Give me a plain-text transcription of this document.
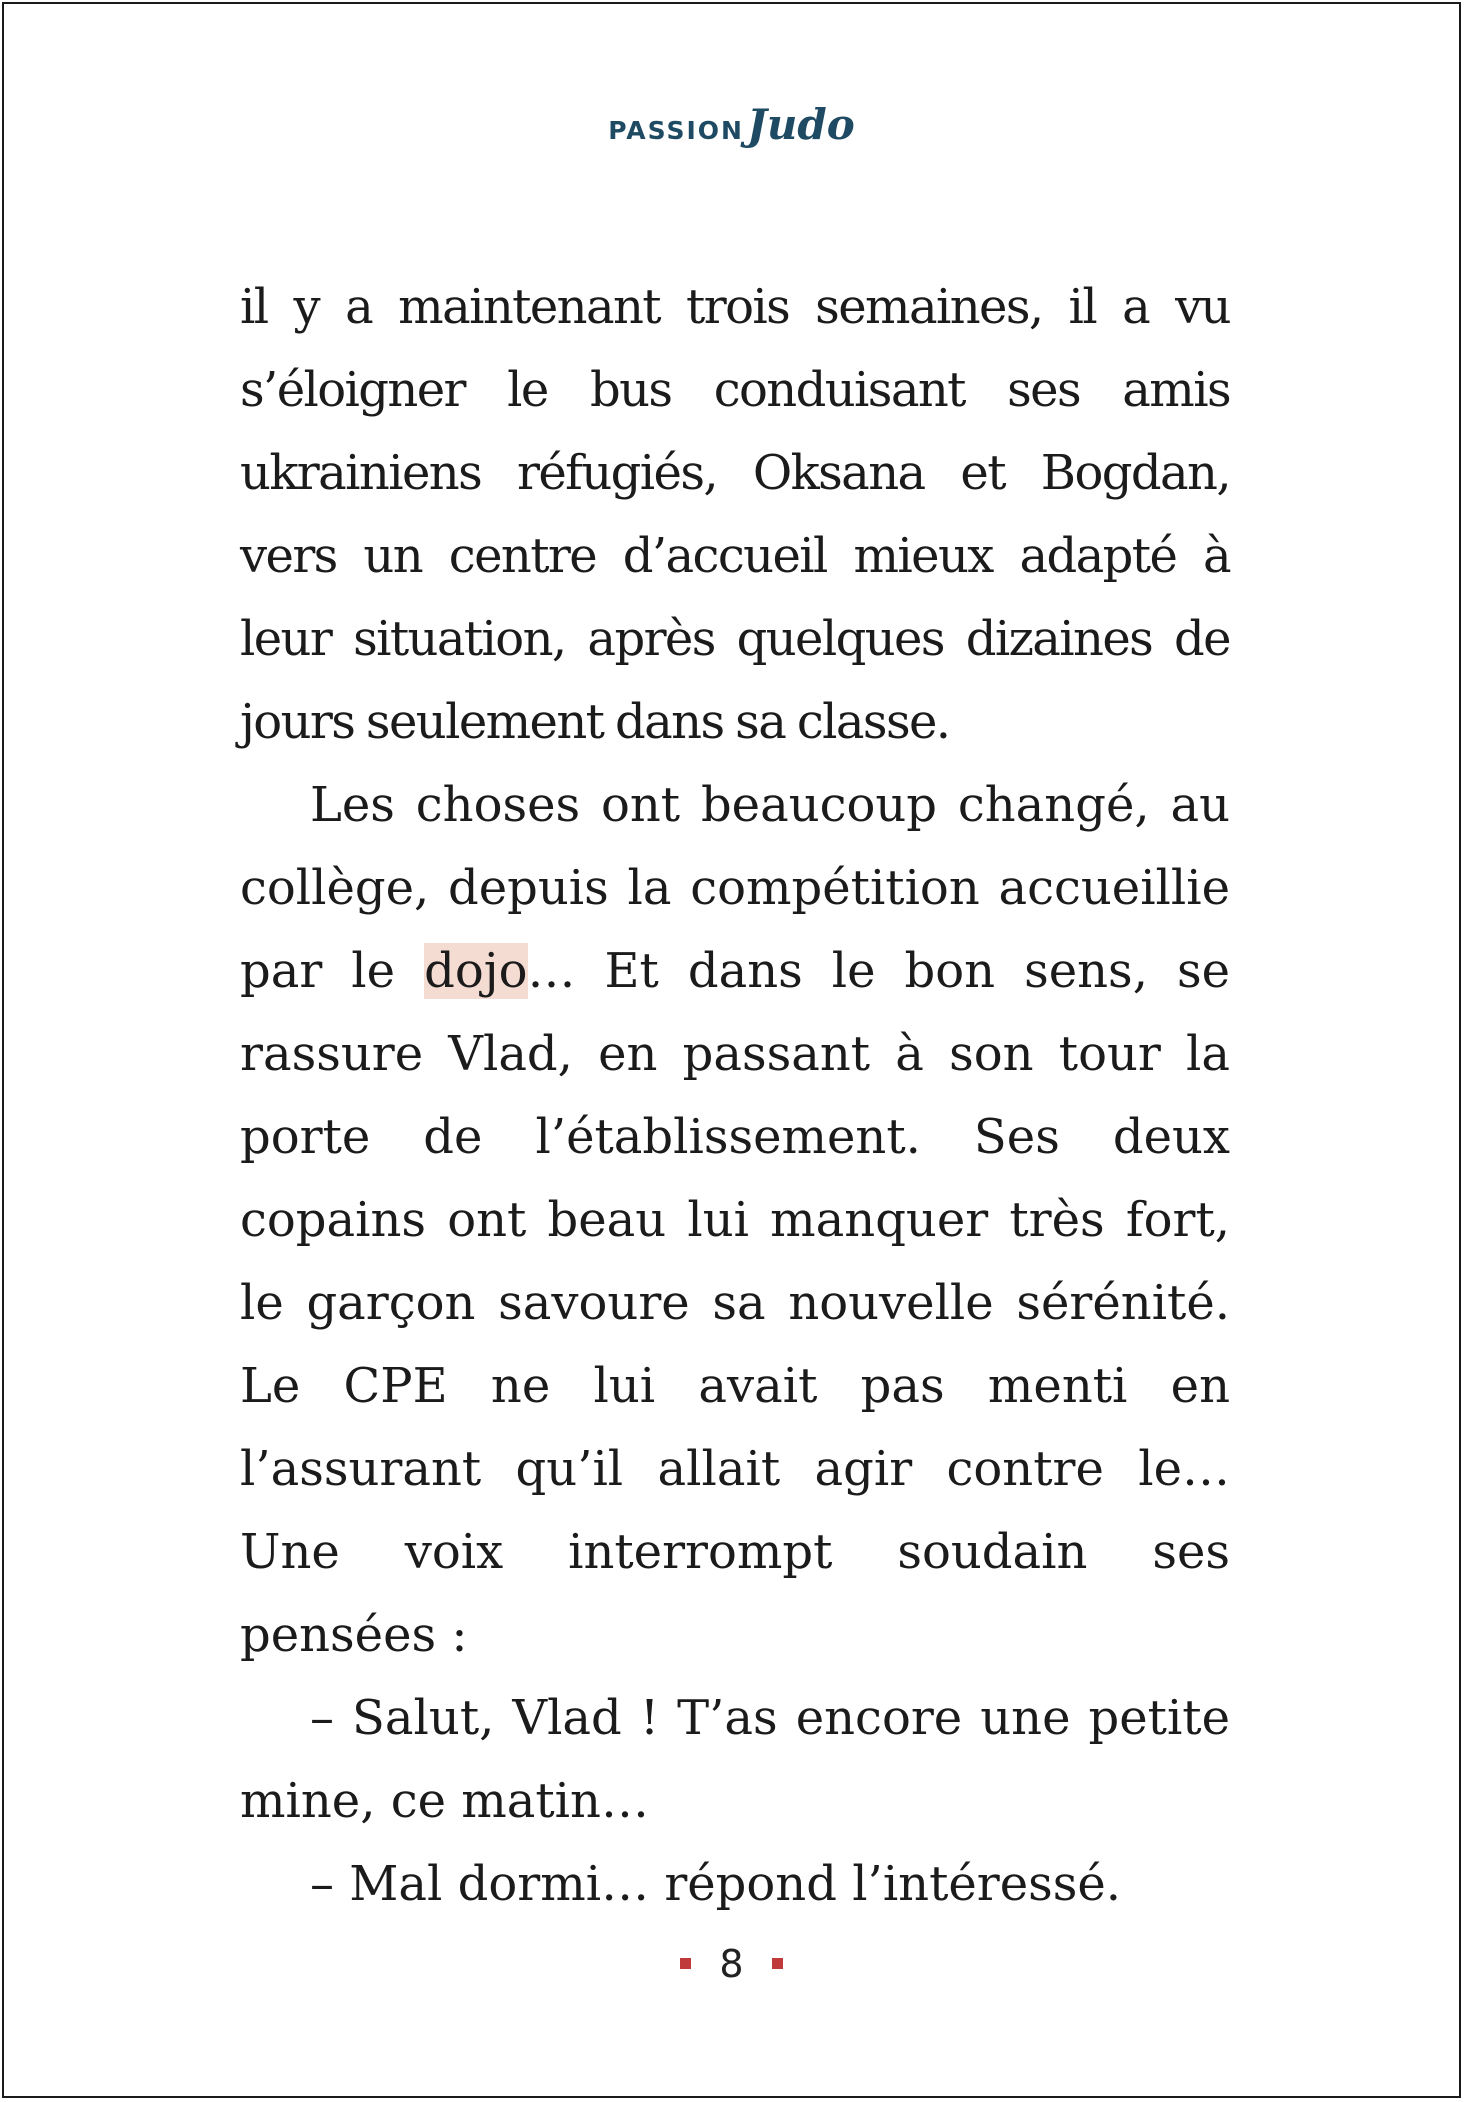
PASSIONJudo

il y a maintenant trois semaines, il a vu s’éloigner le bus conduisant ses amis ukrainiens réfugiés, Oksana et Bogdan, vers un centre d’accueil mieux adapté à leur situation, après quelques dizaines de jours seulement dans sa classe.

Les choses ont beaucoup changé, au collège, depuis la compétition accueillie par le dojo… Et dans le bon sens, se rassure Vlad, en passant à son tour la porte de l’établissement. Ses deux copains ont beau lui manquer très fort, le garçon savoure sa nouvelle sérénité. Le CPE ne lui avait pas menti en l’assurant qu’il allait agir contre le… Une voix interrompt soudain ses pensées :

– Salut, Vlad ! T’as encore une petite mine, ce matin…

– Mal dormi… répond l’intéressé.

8
